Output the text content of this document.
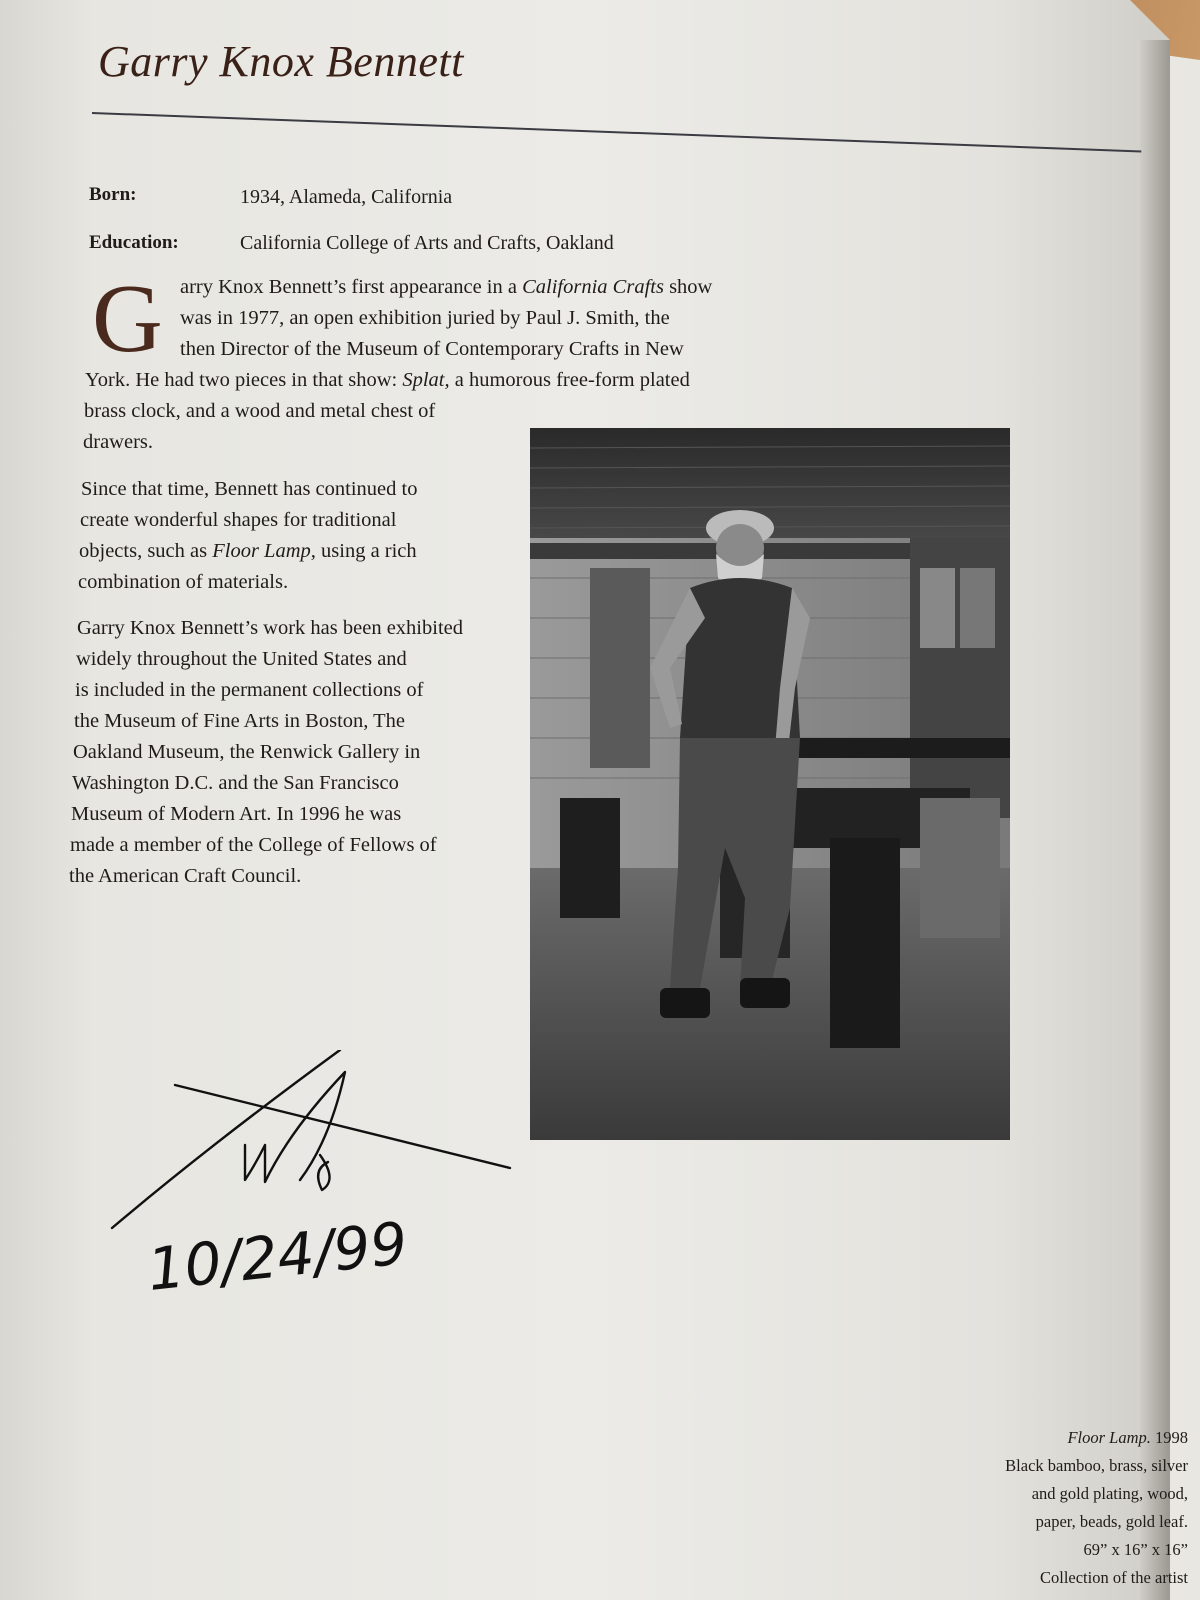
Garry Knox Bennett
Born:	1934, Alameda, California
Education:	California College of Arts and Crafts, Oakland
G arry Knox Bennett’s first appearance in a California Crafts show
was in 1977, an open exhibition juried by Paul J. Smith, the
then Director of the Museum of Contemporary Crafts in New
York. He had two pieces in that show: Splat, a humorous free-form plated
brass clock, and a wood and metal chest of
drawers.
Since that time, Bennett has continued to
create wonderful shapes for traditional
objects, such as Floor Lamp, using a rich
combination of materials.
Garry Knox Bennett’s work has been exhibited
widely throughout the United States and
is included in the permanent collections of
the Museum of Fine Arts in Boston, The
Oakland Museum, the Renwick Gallery in
Washington D.C. and the San Francisco
Museum of Modern Art. In 1996 he was
made a member of the College of Fellows of
the American Craft Council.
10/24/99
Floor Lamp. 1998
Black bamboo, brass, silver
and gold plating, wood,
paper, beads, gold leaf.
69” x 16” x 16”
Collection of the artist
